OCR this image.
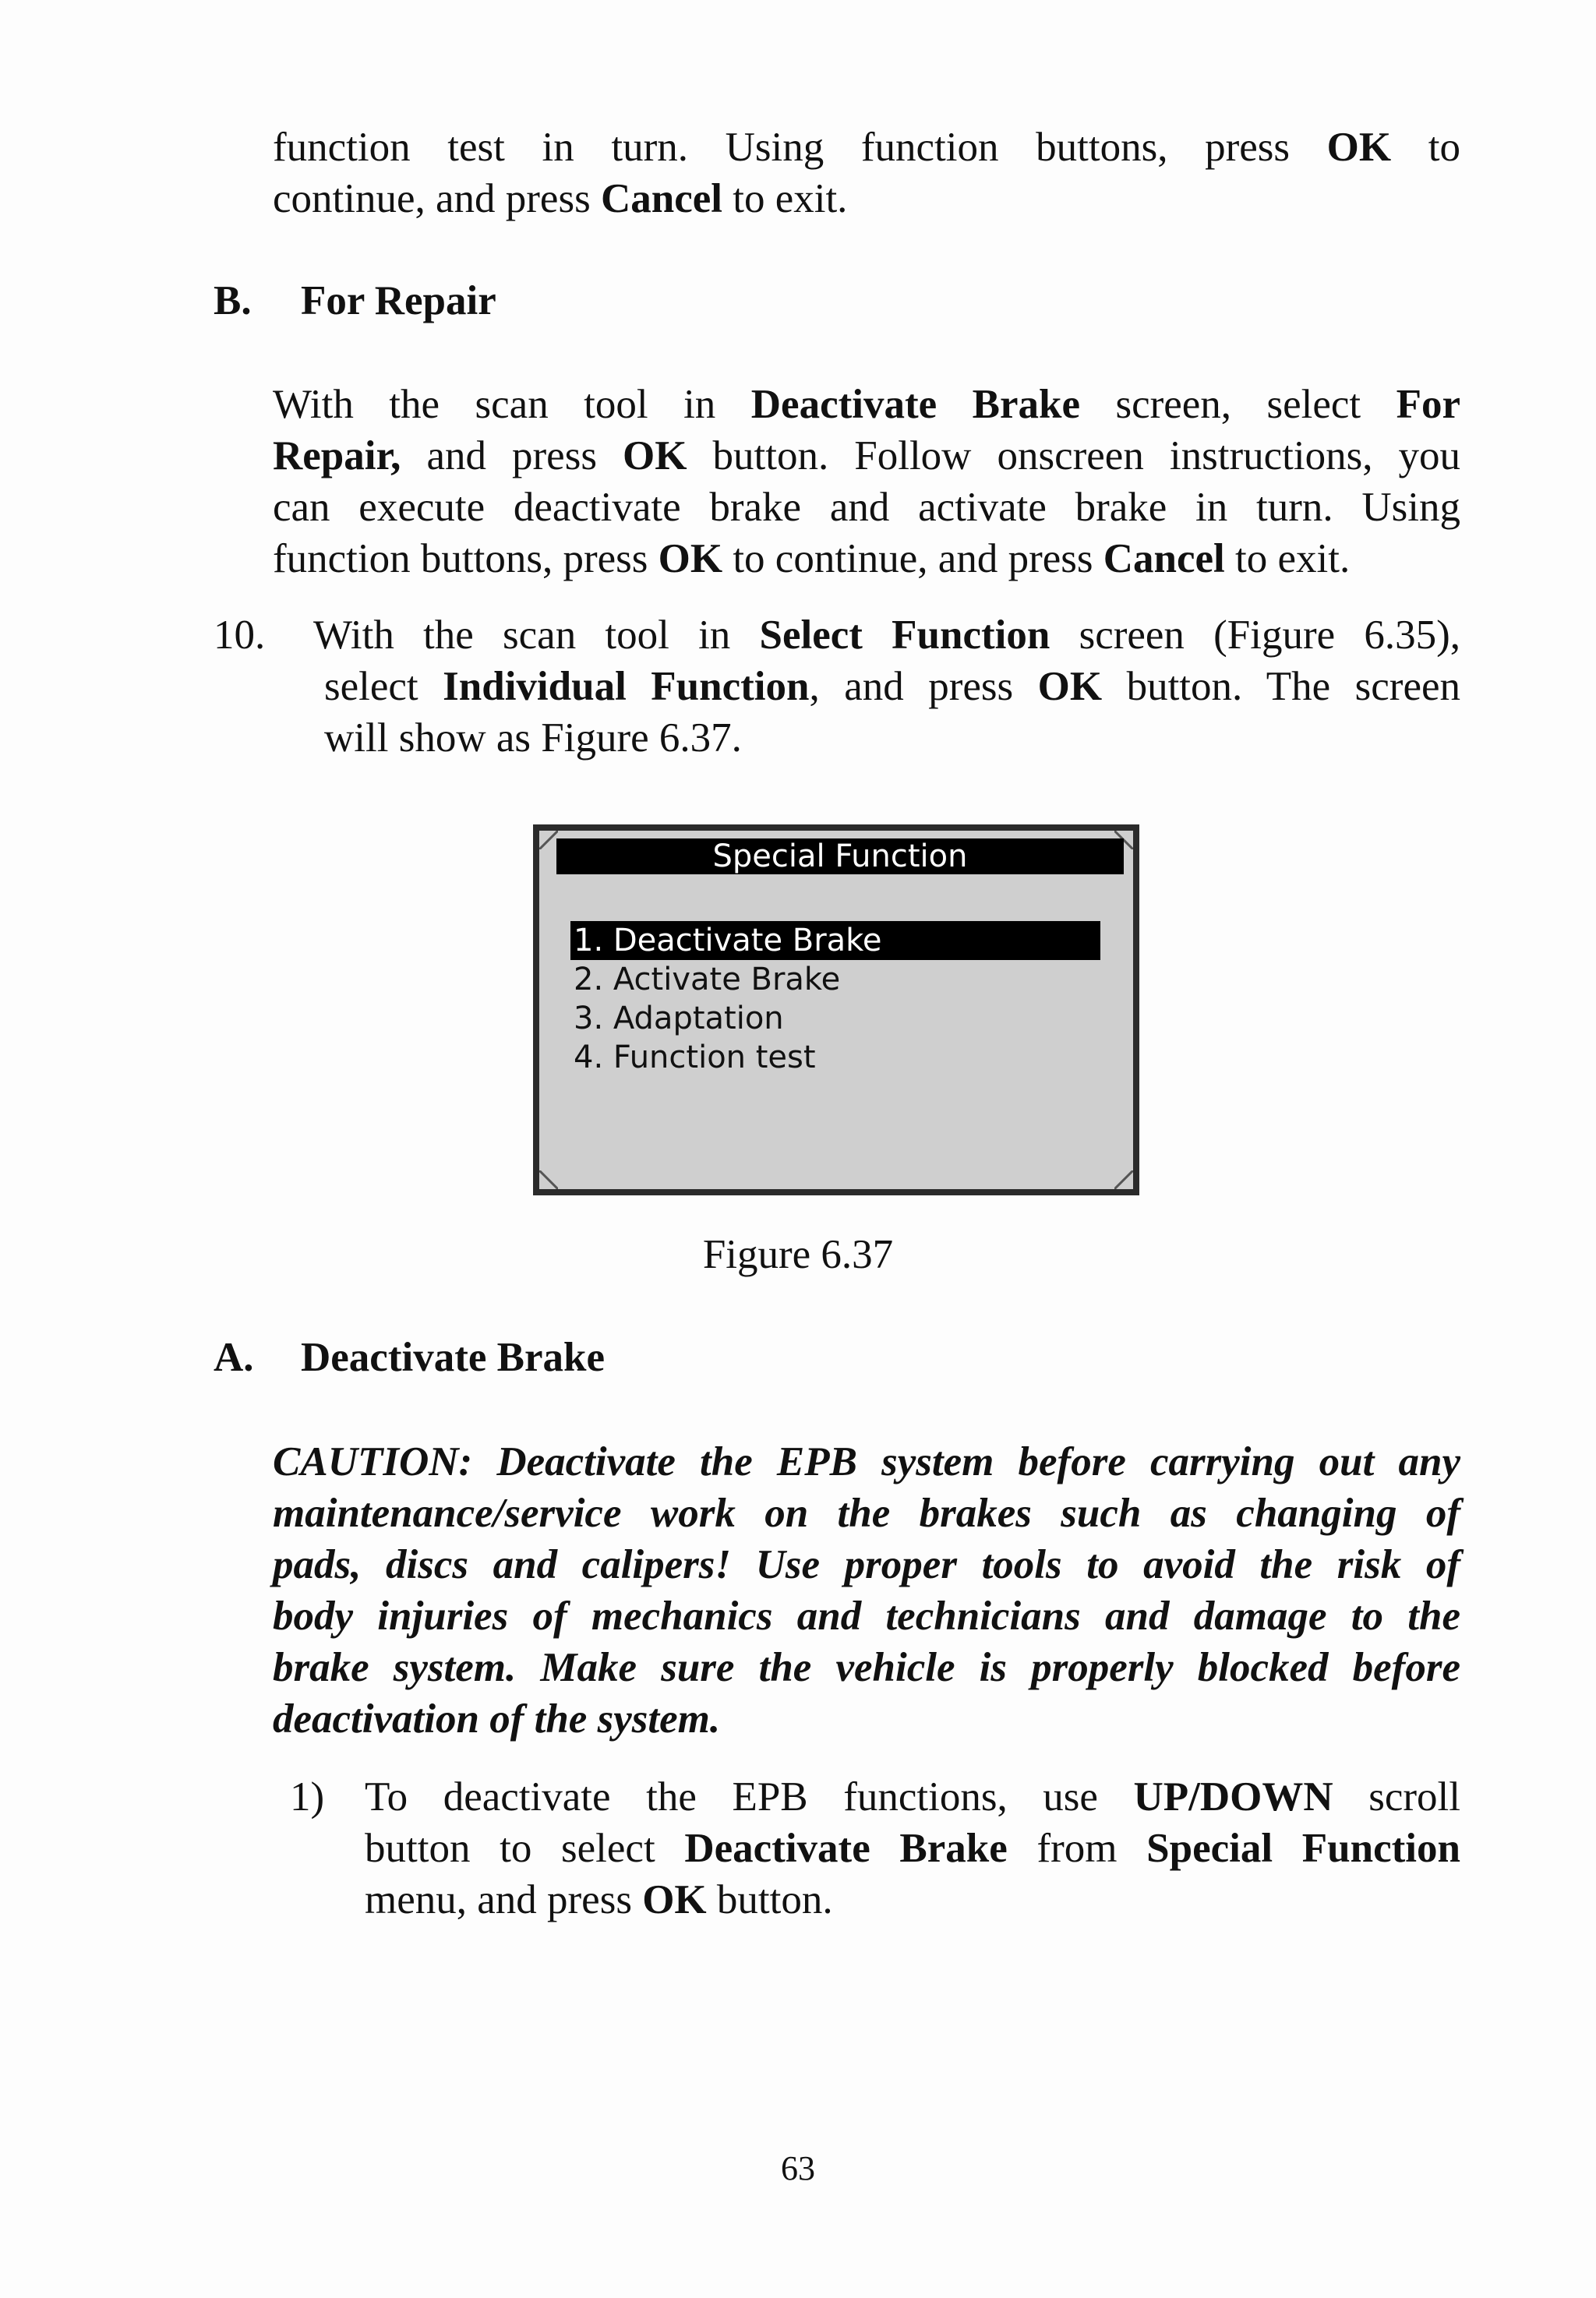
function test in turn. Using function buttons, press OK to
continue, and press Cancel to exit.
B. For Repair
With the scan tool in Deactivate Brake screen, select For
Repair, and press OK button. Follow onscreen instructions, you
can execute deactivate brake and activate brake in turn. Using
function buttons, press OK to continue, and press Cancel to exit.
10. With the scan tool in Select Function screen (Figure 6.35),
select Individual Function, and press OK button. The screen
will show as Figure 6.37.
Special Function
1. Deactivate Brake
2. Activate Brake
3. Adaptation
4. Function test
Figure 6.37
A. Deactivate Brake
CAUTION: Deactivate the EPB system before carrying out any
maintenance/service work on the brakes such as changing of
pads, discs and calipers! Use proper tools to avoid the risk of
body injuries of mechanics and technicians and damage to the
brake system. Make sure the vehicle is properly blocked before
deactivation of the system.
1) To deactivate the EPB functions, use UP/DOWN scroll
button to select Deactivate Brake from Special Function
menu, and press OK button.
63
